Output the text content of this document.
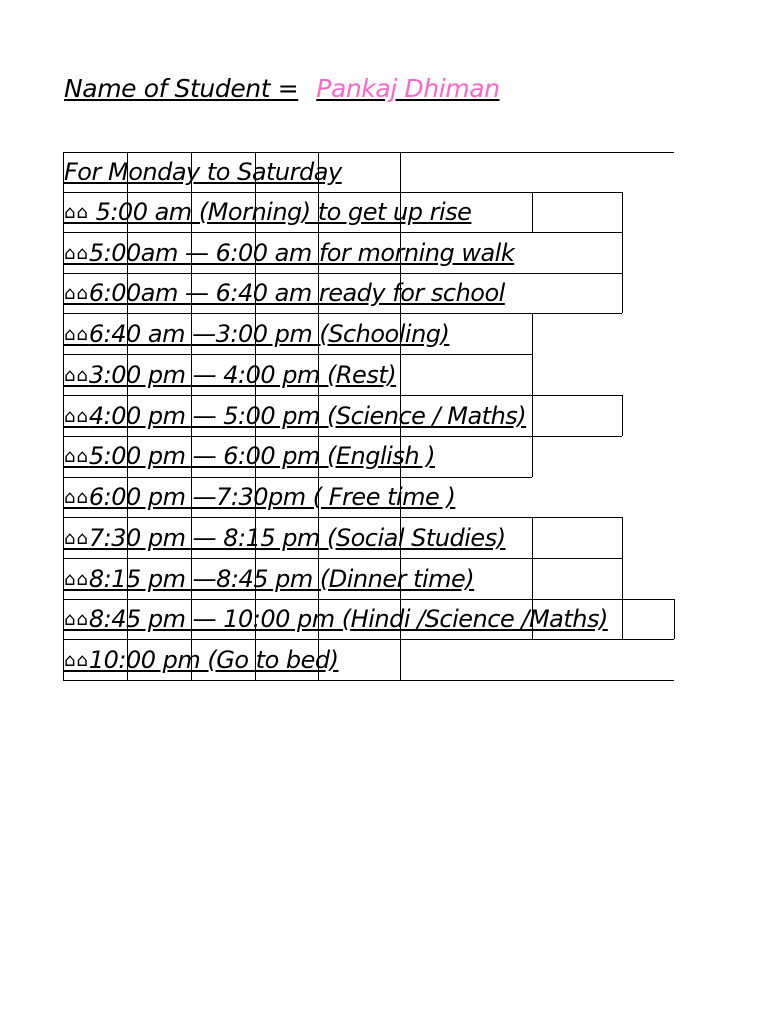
Name of Student = Pankaj Dhiman
For Monday to Saturday
⌂⌂ 5:00 am (Morning) to get up rise
⌂⌂5:00am — 6:00 am for morning walk
⌂⌂6:00am — 6:40 am ready for school
⌂⌂6:40 am —3:00 pm (Schooling)
⌂⌂3:00 pm — 4:00 pm (Rest)
⌂⌂4:00 pm — 5:00 pm (Science / Maths)
⌂⌂5:00 pm — 6:00 pm (English )
⌂⌂6:00 pm —7:30pm ( Free time )
⌂⌂7:30 pm — 8:15 pm (Social Studies)
⌂⌂8:15 pm —8:45 pm (Dinner time)
⌂⌂8:45 pm — 10:00 pm (Hindi /Science /Maths)
⌂⌂10:00 pm (Go to bed)
